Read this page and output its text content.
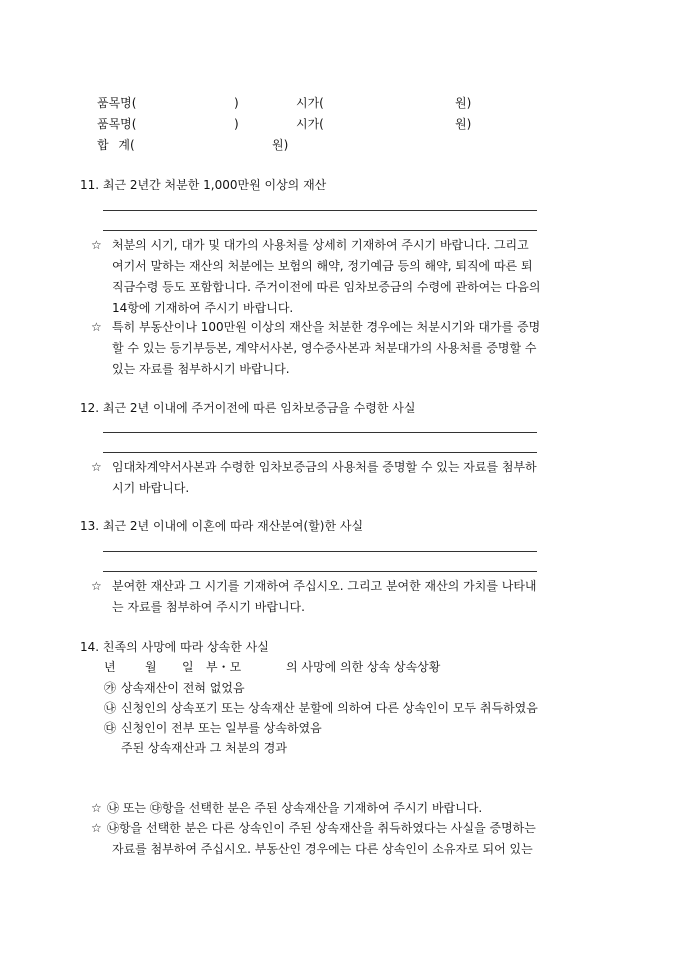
품목명(	)	시가(	원)
품목명(	)	시가(	원)
합 계(	원)
11. 최근 2년간 처분한 1,000만원 이상의 재산
☆ 처분의 시기, 대가 및 대가의 사용처를 상세히 기재하여 주시기 바랍니다. 그리고
여기서 말하는 재산의 처분에는 보험의 해약, 정기예금 등의 해약, 퇴직에 따른 퇴
직금수령 등도 포함합니다. 주거이전에 따른 임차보증금의 수령에 관하여는 다음의
14항에 기재하여 주시기 바랍니다.
☆ 특히 부동산이나 100만원 이상의 재산을 처분한 경우에는 처분시기와 대가를 증명
할 수 있는 등기부등본, 계약서사본, 영수증사본과 처분대가의 사용처를 증명할 수
있는 자료를 첨부하시기 바랍니다.
12. 최근 2년 이내에 주거이전에 따른 임차보증금을 수령한 사실
☆ 임대차계약서사본과 수령한 임차보증금의 사용처를 증명할 수 있는 자료를 첨부하
시기 바랍니다.
13. 최근 2년 이내에 이혼에 따라 재산분여(할)한 사실
☆ 분여한 재산과 그 시기를 기재하여 주십시오. 그리고 분여한 재산의 가치를 나타내
는 자료를 첨부하여 주시기 바랍니다.
14. 친족의 사망에 따라 상속한 사실
년 월 일 부・모	의 사망에 의한 상속 상속상황
㉮ 상속재산이 전혀 없었음
㉯ 신청인의 상속포기 또는 상속재산 분할에 의하여 다른 상속인이 모두 취득하였음
㉰ 신청인이 전부 또는 일부를 상속하였음
주된 상속재산과 그 처분의 경과
☆ ㉯ 또는 ㉰항을 선택한 분은 주된 상속재산을 기재하여 주시기 바랍니다.
☆ ㉯항을 선택한 분은 다른 상속인이 주된 상속재산을 취득하였다는 사실을 증명하는
자료를 첨부하여 주십시오. 부동산인 경우에는 다른 상속인이 소유자로 되어 있는
